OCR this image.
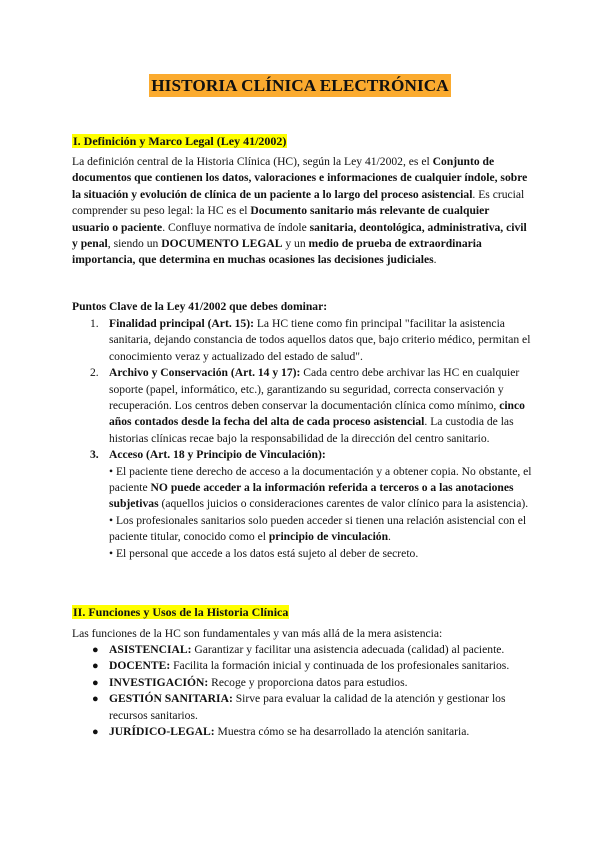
HISTORIA CLÍNICA ELECTRÓNICA
I. Definición y Marco Legal (Ley 41/2002)
La definición central de la Historia Clínica (HC), según la Ley 41/2002, es el Conjunto de documentos que contienen los datos, valoraciones e informaciones de cualquier índole, sobre la situación y evolución de clínica de un paciente a lo largo del proceso asistencial. Es crucial comprender su peso legal: la HC es el Documento sanitario más relevante de cualquier usuario o paciente. Confluye normativa de índole sanitaria, deontológica, administrativa, civil y penal, siendo un DOCUMENTO LEGAL y un medio de prueba de extraordinaria importancia, que determina en muchas ocasiones las decisiones judiciales.
Puntos Clave de la Ley 41/2002 que debes dominar:
1. Finalidad principal (Art. 15): La HC tiene como fin principal "facilitar la asistencia sanitaria, dejando constancia de todos aquellos datos que, bajo criterio médico, permitan el conocimiento veraz y actualizado del estado de salud".
2. Archivo y Conservación (Art. 14 y 17): Cada centro debe archivar las HC en cualquier soporte (papel, informático, etc.), garantizando su seguridad, correcta conservación y recuperación. Los centros deben conservar la documentación clínica como mínimo, cinco años contados desde la fecha del alta de cada proceso asistencial. La custodia de las historias clínicas recae bajo la responsabilidad de la dirección del centro sanitario.
3. Acceso (Art. 18 y Principio de Vinculación):
• El paciente tiene derecho de acceso a la documentación y a obtener copia. No obstante, el paciente NO puede acceder a la información referida a terceros o a las anotaciones subjetivas (aquellos juicios o consideraciones carentes de valor clínico para la asistencia).
• Los profesionales sanitarios solo pueden acceder si tienen una relación asistencial con el paciente titular, conocido como el principio de vinculación.
• El personal que accede a los datos está sujeto al deber de secreto.
II. Funciones y Usos de la Historia Clínica
Las funciones de la HC son fundamentales y van más allá de la mera asistencia:
● ASISTENCIAL: Garantizar y facilitar una asistencia adecuada (calidad) al paciente.
● DOCENTE: Facilita la formación inicial y continuada de los profesionales sanitarios.
● INVESTIGACIÓN: Recoge y proporciona datos para estudios.
● GESTIÓN SANITARIA: Sirve para evaluar la calidad de la atención y gestionar los recursos sanitarios.
● JURÍDICO-LEGAL: Muestra cómo se ha desarrollado la atención sanitaria.
